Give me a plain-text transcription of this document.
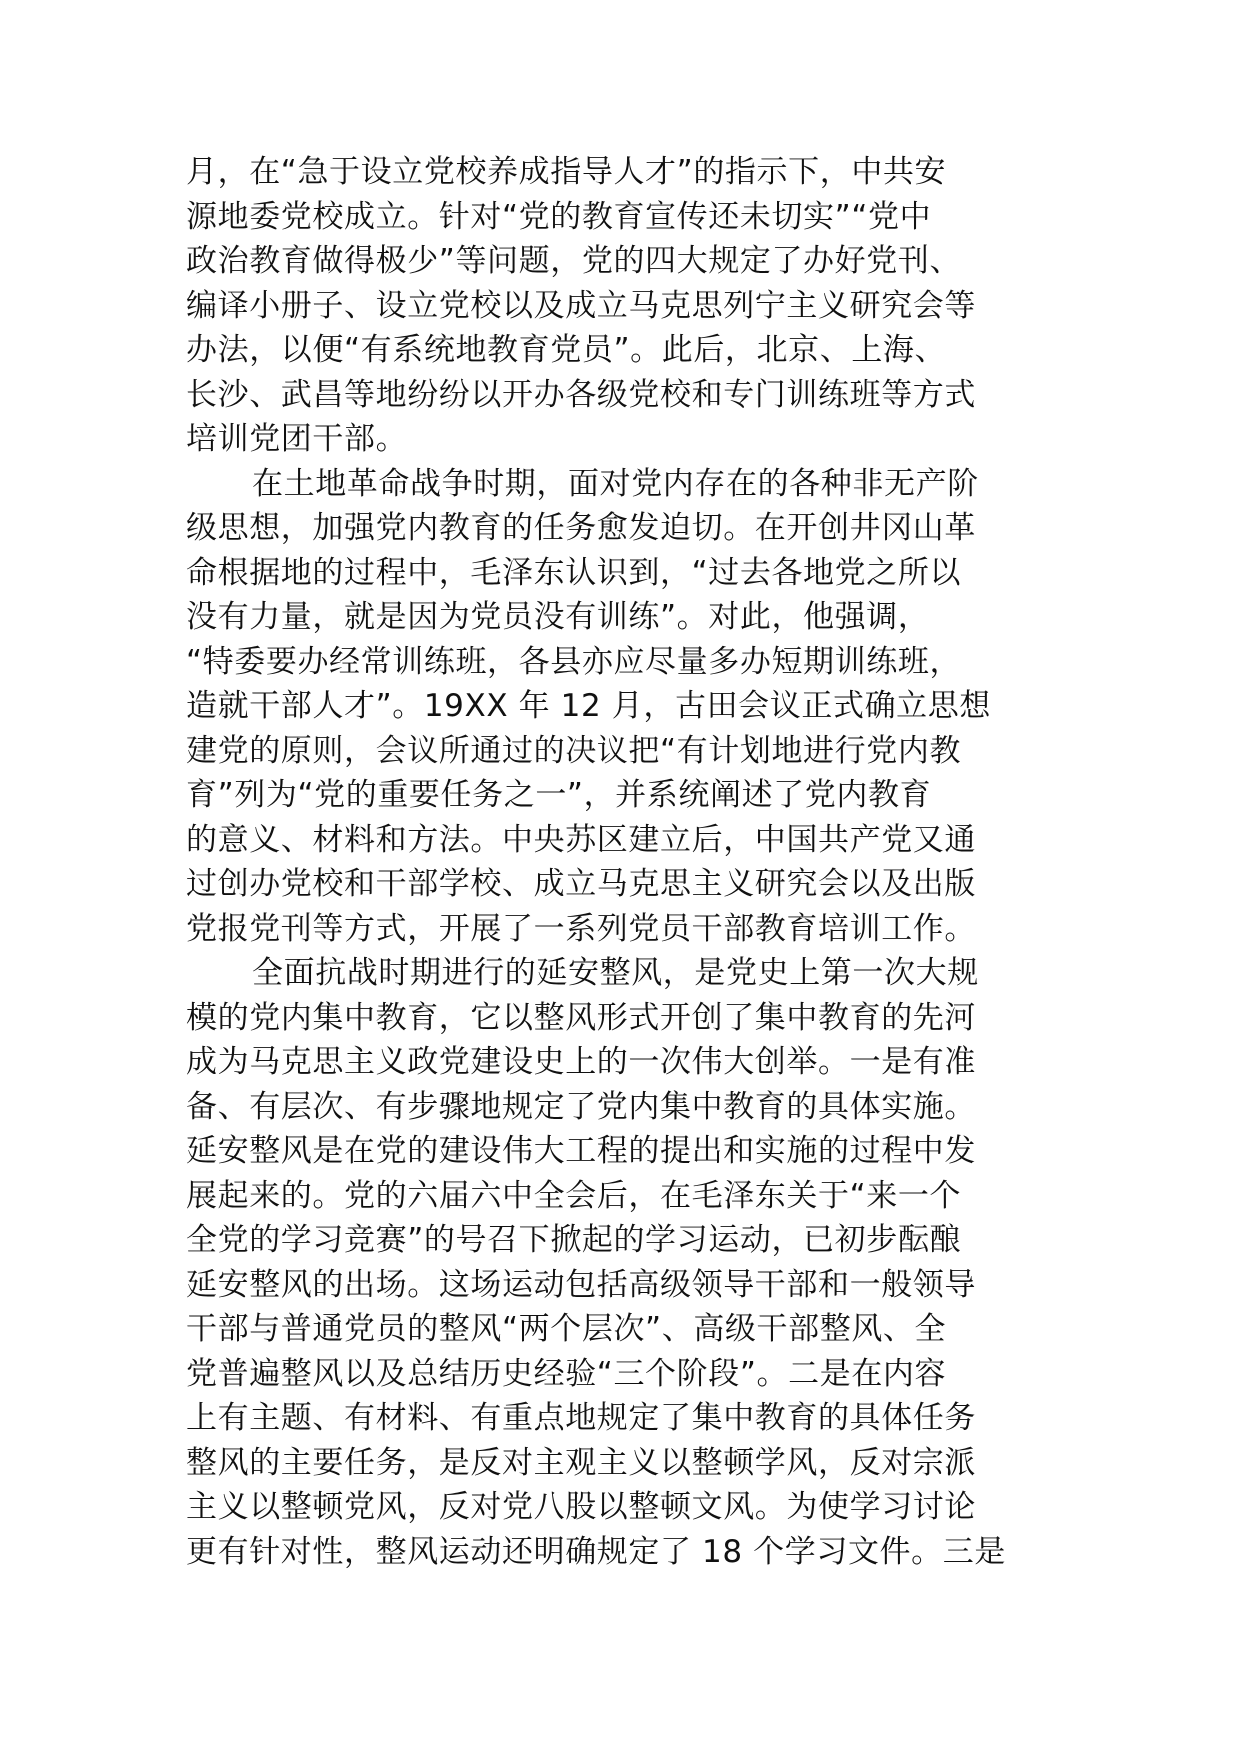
月，在“急于设立党校养成指导人才”的指示下，中共安
源地委党校成立。针对“党的教育宣传还未切实”“党中
政治教育做得极少”等问题，党的四大规定了办好党刊、
编译小册子、设立党校以及成立马克思列宁主义研究会等
办法，以便“有系统地教育党员”。此后，北京、上海、
长沙、武昌等地纷纷以开办各级党校和专门训练班等方式
培训党团干部。
在土地革命战争时期，面对党内存在的各种非无产阶
级思想，加强党内教育的任务愈发迫切。在开创井冈山革
命根据地的过程中，毛泽东认识到，“过去各地党之所以
没有力量，就是因为党员没有训练”。对此，他强调，
“特委要办经常训练班，各县亦应尽量多办短期训练班，
造就干部人才”。19XX 年 12 月，古田会议正式确立思想
建党的原则，会议所通过的决议把“有计划地进行党内教
育”列为“党的重要任务之一”，并系统阐述了党内教育
的意义、材料和方法。中央苏区建立后，中国共产党又通
过创办党校和干部学校、成立马克思主义研究会以及出版
党报党刊等方式，开展了一系列党员干部教育培训工作。
全面抗战时期进行的延安整风，是党史上第一次大规
模的党内集中教育，它以整风形式开创了集中教育的先河
成为马克思主义政党建设史上的一次伟大创举。一是有准
备、有层次、有步骤地规定了党内集中教育的具体实施。
延安整风是在党的建设伟大工程的提出和实施的过程中发
展起来的。党的六届六中全会后，在毛泽东关于“来一个
全党的学习竞赛”的号召下掀起的学习运动，已初步酝酿
延安整风的出场。这场运动包括高级领导干部和一般领导
干部与普通党员的整风“两个层次”、高级干部整风、全
党普遍整风以及总结历史经验“三个阶段”。二是在内容
上有主题、有材料、有重点地规定了集中教育的具体任务
整风的主要任务，是反对主观主义以整顿学风，反对宗派
主义以整顿党风，反对党八股以整顿文风。为使学习讨论
更有针对性，整风运动还明确规定了 18 个学习文件。三是
